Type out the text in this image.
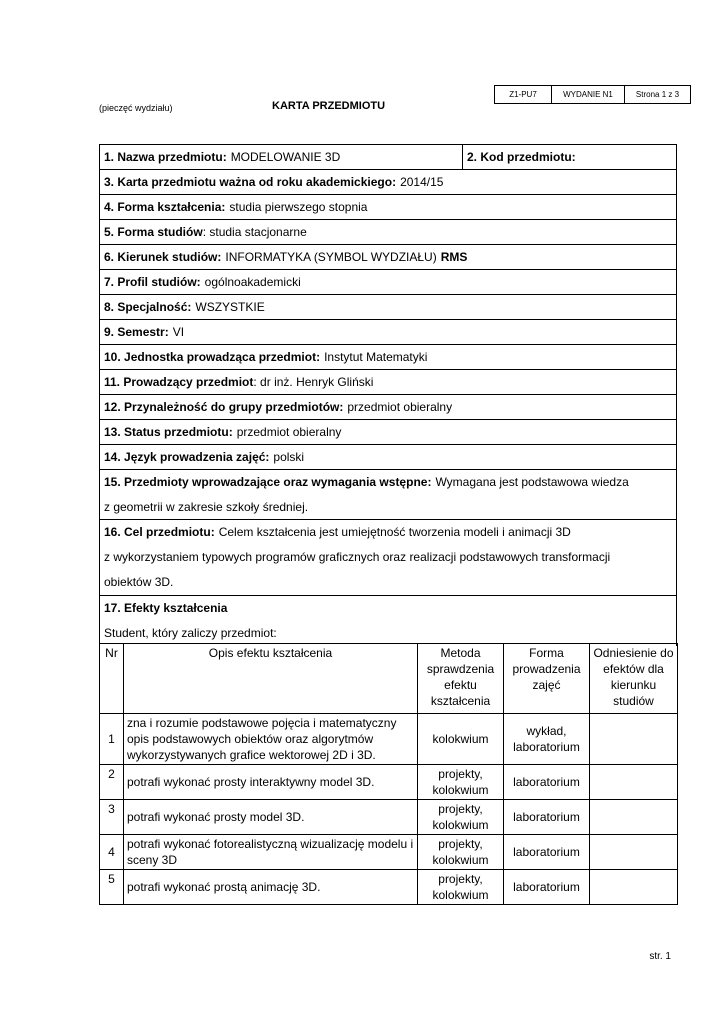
Z1-PU7	WYDANIE N1	Strona 1 z 3
(pieczęć wydziału)	KARTA PRZEDMIOTU
1. Nazwa przedmiotu: MODELOWANIE 3D	2. Kod przedmiotu:
3. Karta przedmiotu ważna od roku akademickiego: 2014/15
4. Forma kształcenia: studia pierwszego stopnia
5. Forma studiów : studia stacjonarne
6. Kierunek studiów: INFORMATYKA (SYMBOL WYDZIAŁU) RMS
7. Profil studiów: ogólnoakademicki
8. Specjalność: WSZYSTKIE
9. Semestr: VI
10. Jednostka prowadząca przedmiot: Instytut Matematyki
11. Prowadzący przedmiot : dr inż. Henryk Gliński
12. Przynależność do grupy przedmiotów: przedmiot obieralny
13. Status przedmiotu: przedmiot obieralny
14. Język prowadzenia zajęć: polski
15. Przedmioty wprowadzające oraz wymagania wstępne: Wymagana jest podstawowa wiedza
z geometrii w zakresie szkoły średniej.
16. Cel przedmiotu: Celem kształcenia jest umiejętność tworzenia modeli i animacji 3D
z wykorzystaniem typowych programów graficznych oraz realizacji podstawowych transformacji
obiektów 3D.
17. Efekty kształcenia
Student, który zaliczy przedmiot:
Nr	Opis efektu kształcenia	Metoda sprawdzenia efektu kształcenia	Forma prowadzenia zajęć	Odniesienie do efektów dla kierunku studiów
1	zna i rozumie podstawowe pojęcia i matematyczny opis podstawowych obiektów oraz algorytmów wykorzystywanych grafice wektorowej 2D i 3D.	kolokwium	wykład, laboratorium	
2	potrafi wykonać prosty interaktywny model 3D.	projekty, kolokwium	laboratorium	
3	potrafi wykonać prosty model 3D.	projekty, kolokwium	laboratorium	
4	potrafi wykonać fotorealistyczną wizualizację modelu i sceny 3D	projekty, kolokwium	laboratorium	
5	potrafi wykonać prostą animację 3D.	projekty, kolokwium	laboratorium	
str. 1
